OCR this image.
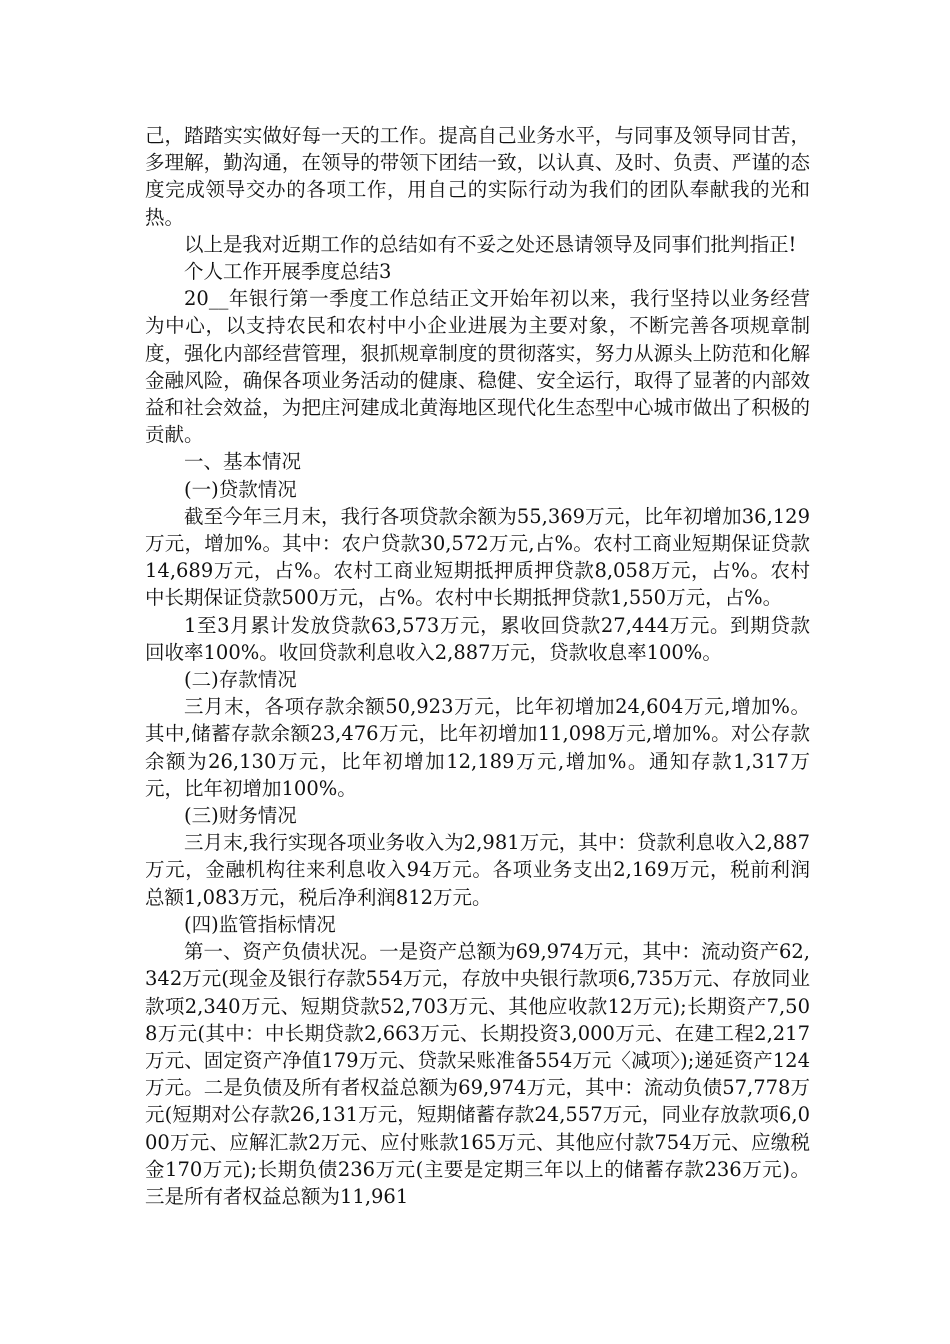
己，踏踏实实做好每一天的工作。提高自己业务水平，与同事及领导同甘苦，多理解，勤沟通，在领导的带领下团结一致，以认真、及时、负责、严谨的态度完成领导交办的各项工作，用自己的实际行动为我们的团队奉献我的光和热。

以上是我对近期工作的总结如有不妥之处还恳请领导及同事们批判指正!

个人工作开展季度总结3

20__年银行第一季度工作总结正文开始年初以来，我行坚持以业务经营为中心，以支持农民和农村中小企业进展为主要对象，不断完善各项规章制度，强化内部经营管理，狠抓规章制度的贯彻落实，努力从源头上防范和化解金融风险，确保各项业务活动的健康、稳健、安全运行，取得了显著的内部效益和社会效益，为把庄河建成北黄海地区现代化生态型中心城市做出了积极的贡献。

一、基本情况

(一)贷款情况

截至今年三月末，我行各项贷款余额为55,369万元，比年初增加36,129万元，增加%。其中：农户贷款30,572万元,占%。农村工商业短期保证贷款14,689万元，占%。农村工商业短期抵押质押贷款8,058万元，占%。农村中长期保证贷款500万元，占%。农村中长期抵押贷款1,550万元，占%。

1至3月累计发放贷款63,573万元，累收回贷款27,444万元。到期贷款回收率100%。收回贷款利息收入2,887万元，贷款收息率100%。

(二)存款情况

三月末，各项存款余额50,923万元，比年初增加24,604万元,增加%。其中,储蓄存款余额23,476万元，比年初增加11,098万元,增加%。对公存款余额为26,130万元，比年初增加12,189万元,增加%。通知存款1,317万元，比年初增加100%。

(三)财务情况

三月末,我行实现各项业务收入为2,981万元，其中：贷款利息收入2,887万元，金融机构往来利息收入94万元。各项业务支出2,169万元，税前利润总额1,083万元，税后净利润812万元。

(四)监管指标情况

第一、资产负债状况。一是资产总额为69,974万元，其中：流动资产62,342万元(现金及银行存款554万元，存放中央银行款项6,735万元、存放同业款项2,340万元、短期贷款52,703万元、其他应收款12万元);长期资产7,508万元(其中：中长期贷款2,663万元、长期投资3,000万元、在建工程2,217万元、固定资产净值179万元、贷款呆账准备554万元〈减项〉);递延资产124万元。二是负债及所有者权益总额为69,974万元，其中：流动负债57,778万元(短期对公存款26,131万元，短期储蓄存款24,557万元，同业存放款项6,000万元、应解汇款2万元、应付账款165万元、其他应付款754万元、应缴税金170万元);长期负债236万元(主要是定期三年以上的储蓄存款236万元)。三是所有者权益总额为11,961
